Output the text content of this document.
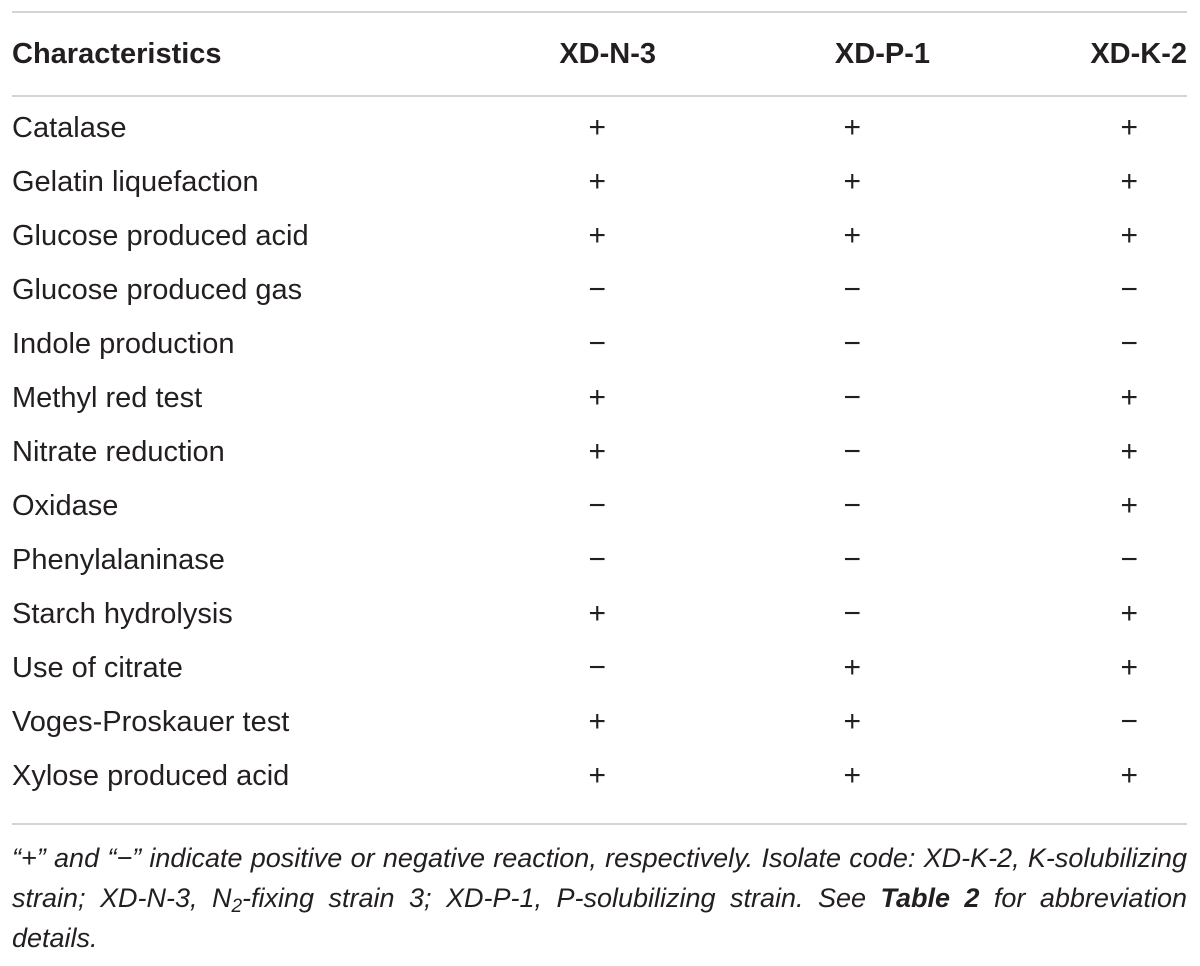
Characteristics	XD-N-3	XD-P-1	XD-K-2
Catalase	+	+	+
Gelatin liquefaction	+	+	+
Glucose produced acid	+	+	+
Glucose produced gas	−	−	−
Indole production	−	−	−
Methyl red test	+	−	+
Nitrate reduction	+	−	+
Oxidase	−	−	+
Phenylalaninase	−	−	−
Starch hydrolysis	+	−	+
Use of citrate	−	+	+
Voges-Proskauer test	+	+	−
Xylose produced acid	+	+	+
“+” and “−” indicate positive or negative reaction, respectively. Isolate code: XD-K-2, K-solubilizing strain; XD-N-3, $N_2$-fixing strain 3; XD-P-1, P-solubilizing strain. See Table 2 for abbreviation details.
